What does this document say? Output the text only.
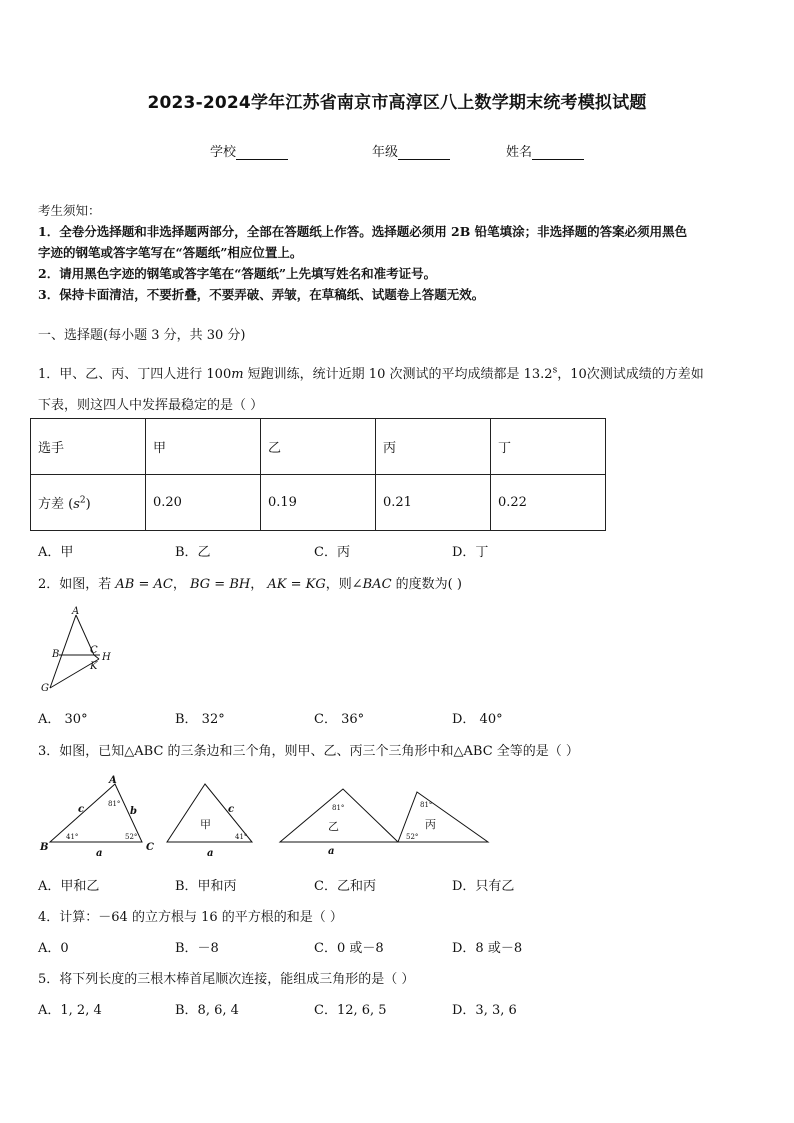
2023-2024学年江苏省南京市高淳区八上数学期末统考模拟试题
学校	年级	姓名
考生须知：
1．全卷分选择题和非选择题两部分，全部在答题纸上作答。选择题必须用 2B 铅笔填涂；非选择题的答案必须用黑色
字迹的钢笔或答字笔写在“答题纸”相应位置上。
2．请用黑色字迹的钢笔或答字笔在“答题纸”上先填写姓名和准考证号。
3．保持卡面清洁，不要折叠，不要弄破、弄皱，在草稿纸、试题卷上答题无效。
一、选择题(每小题 3 分，共 30 分)
1．甲、乙、丙、丁四人进行 100m 短跑训练，统计近期 10 次测试的平均成绩都是 13.2$^s$，10次测试成绩的方差如
下表，则这四人中发挥最稳定的是（ ）
选手	甲	乙	丙	丁
方差 $(s^2)$	0.20	0.19	0.21	0.22
A．甲	B．乙	C．丙	D．丁
2．如图，若 AB = AC， BG = BH， AK = KG，则∠BAC 的度数为( )
A
B	C
H
K
G
A． 30°	B． 32°	C． 36°	D． 40°
3．如图，已知△ABC 的三条边和三个角，则甲、乙、丙三个三角形中和△ABC 全等的是（ ）
A
B	C
a
b
c	81°
41°	52°
甲
c
a
41°
乙
81°
a
丙
81°
52°
A．甲和乙	B．甲和丙	C．乙和丙	D．只有乙
4．计算：－64 的立方根与 16 的平方根的和是（ ）
A．0	B．－8	C．0 或－8	D．8 或－8
5．将下列长度的三根木棒首尾顺次连接，能组成三角形的是（ ）
A．1, 2, 4	B．8, 6, 4	C．12, 6, 5	D．3, 3, 6
